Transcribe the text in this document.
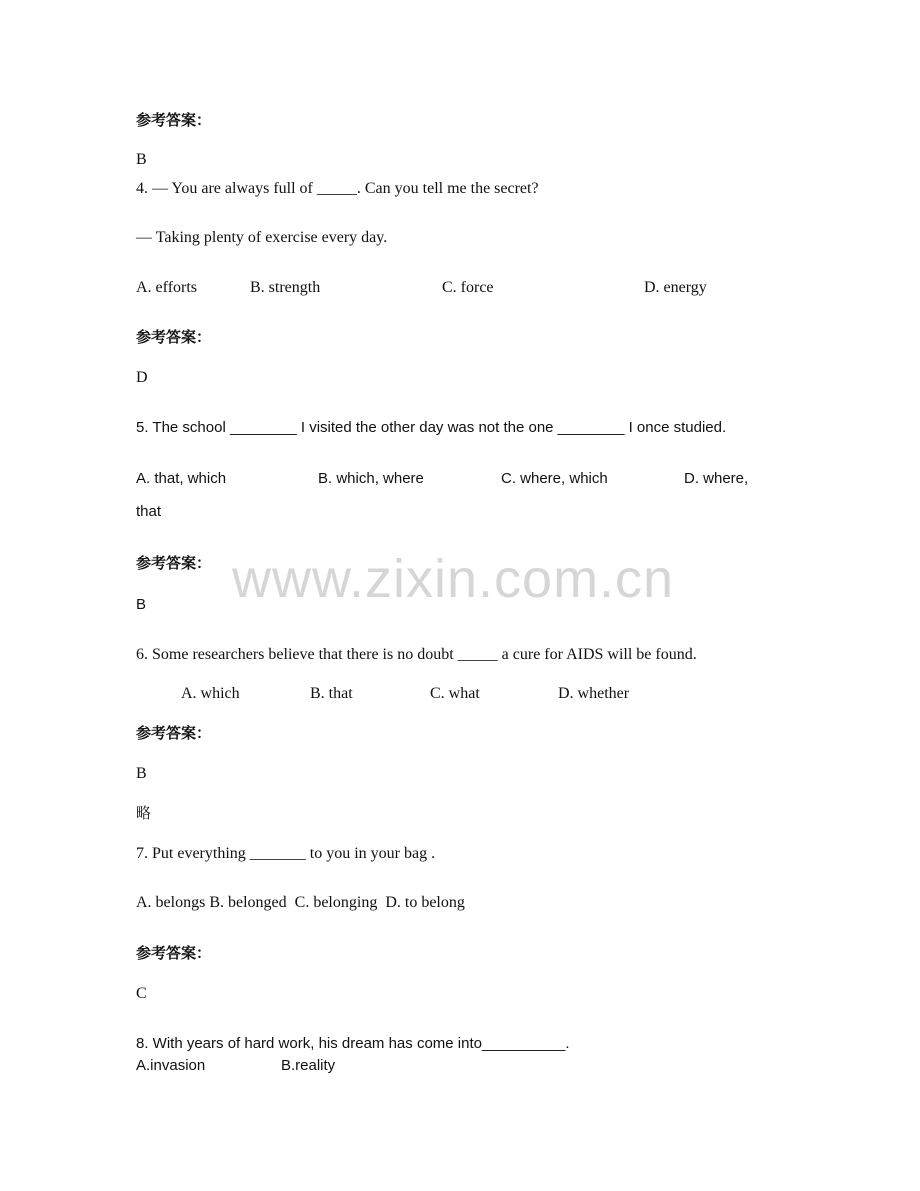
www.zixin.com.cn
参考答案：
B
4. — You are always full of _____. Can you tell me the secret?
— Taking plenty of exercise every day.
A. efforts	B. strength	C. force	D. energy
参考答案：
D
5. The school ________ I visited the other day was not the one ________ I once studied.
A. that, which	B. which, where	C. where, which	D. where,
that
参考答案：
B
6. Some researchers believe that there is no doubt _____ a cure for AIDS will be found.
A. which	B. that	C. what	D. whether
参考答案：
B
略
7. Put everything _______ to you in your bag .
A. belongs B. belonged  C. belonging  D. to belong
参考答案：
C
8. With years of hard work, his dream has come into__________.
A.invasion	B.reality
